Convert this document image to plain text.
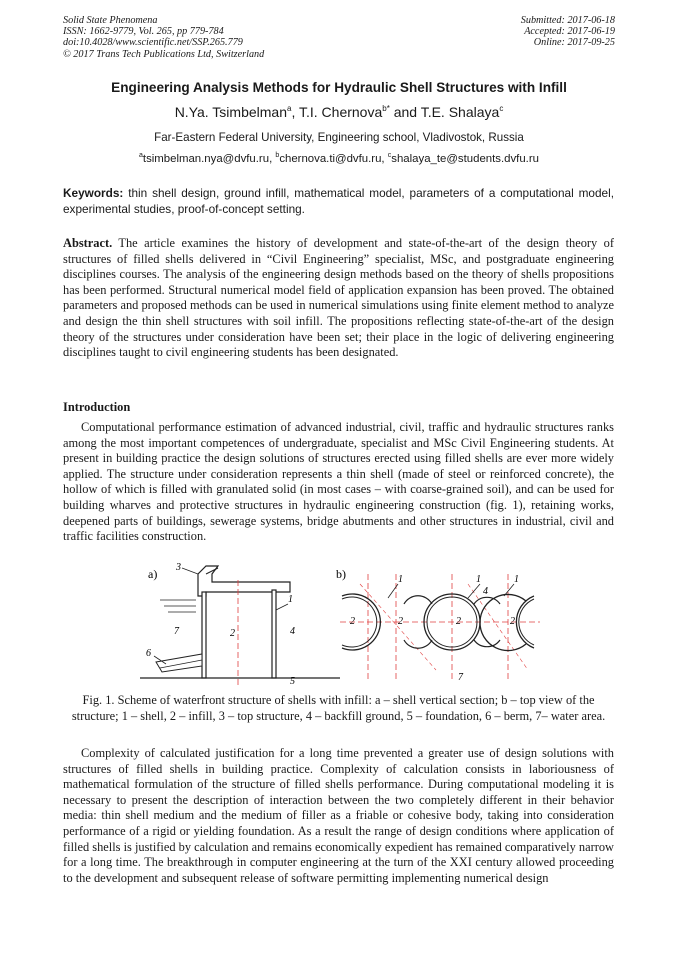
Solid State Phenomena
ISSN: 1662-9779, Vol. 265, pp 779-784
doi:10.4028/www.scientific.net/SSP.265.779
© 2017 Trans Tech Publications Ltd, Switzerland
Submitted: 2017-06-18
Accepted: 2017-06-19
Online: 2017-09-25
Engineering Analysis Methods for Hydraulic Shell Structures with Infill
N.Ya. Tsimbelman$^a$, T.I. Chernova$^{b*}$ and T.E. Shalaya$^c$
Far-Eastern Federal University, Engineering school, Vladivostok, Russia
$^a$tsimbelman.nya@dvfu.ru, $^b$chernova.ti@dvfu.ru, $^c$shalaya_te@students.dvfu.ru
Keywords: thin shell design, ground infill, mathematical model, parameters of a computational model, experimental studies, proof-of-concept setting.
Abstract. The article examines the history of development and state-of-the-art of the design theory of structures of filled shells delivered in “Civil Engineering” specialist, MSc, and postgraduate engineering disciplines courses. The analysis of the engineering design methods based on the theory of shells propositions has been performed. Structural numerical model field of application expansion has been proved. The obtained parameters and proposed methods can be used in numerical simulations using finite element method to analyze and design the thin shell structures with soil infill. The propositions reflecting state-of-the-art of the design theory of the structures under consideration have been set; their place in the logic of delivering engineering disciplines taught to civil engineering students has been designated.
Introduction
Computational performance estimation of advanced industrial, civil, traffic and hydraulic structures ranks among the most important competences of undergraduate, specialist and MSc Civil Engineering students. At present in building practice the design solutions of structures erected using filled shells are ever more widely applied. The structure under consideration represents a thin shell (made of steel or reinforced concrete), the hollow of which is filled with granulated solid (in most cases – with coarse-grained soil), and can be used for building wharves and protective structures in hydraulic engineering construction (fig. 1), retaining works, deepened parts of buildings, sewerage systems, bridge abutments and other structures in industrial, civil and traffic facilities construction.
a) 3
1
7	2	4
6
5
b)	1	1
4
1
2	2	2	2
7
Fig. 1. Scheme of waterfront structure of shells with infill: a – shell vertical section; b – top view of the structure; 1 – shell, 2 – infill, 3 – top structure, 4 – backfill ground, 5 – foundation, 6 – berm, 7– water area.
Complexity of calculated justification for a long time prevented a greater use of design solutions with structures of filled shells in building practice. Complexity of calculation consists in laboriousness of mathematical formulation of the structure of filled shells performance. During computational modeling it is necessary to present the description of interaction between the two completely different in their behavior media: thin shell medium and the medium of filler as a friable or cohesive body, taking into consideration performance of a rigid or yielding foundation. As a result the range of design conditions where application of filled shells is justified by calculation and remains economically expedient has remained comparatively narrow for a long time. The breakthrough in computer engineering at the turn of the XXI century allowed proceeding to the development and subsequent release of software permitting implementing numerical design
